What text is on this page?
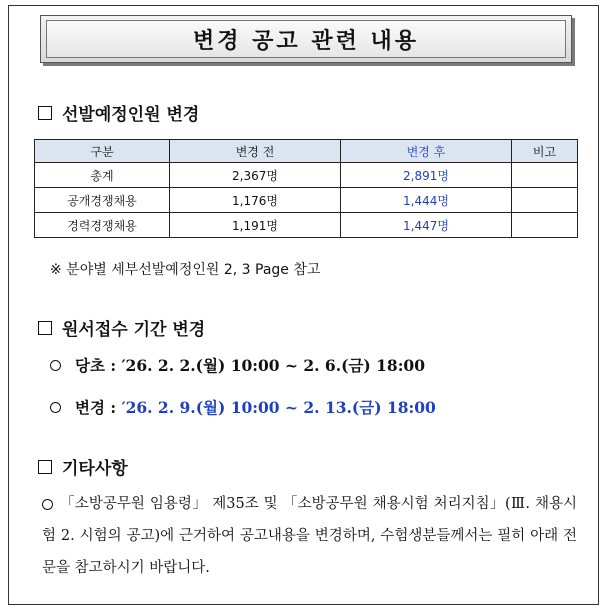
변경 공고 관련 내용
선발예정인원 변경
구분	변경 전	변경 후	비고
총계	2,367명	2,891명	
공개경쟁채용	1,176명	1,444명	
경력경쟁채용	1,191명	1,447명	
※ 분야별 세부선발예정인원 2, 3 Page 참고
원서접수 기간 변경
당초 : ′26. 2. 2.(월) 10:00 ~ 2. 6.(금) 18:00
변경 :
′26. 2. 9.(월) 10:00 ~ 2. 13.(금) 18:00
기타사항
「소방공무원 임용령」 제35조 및 「소방공무원 채용시험 처리지침」(Ⅲ. 채용시험 2. 시험의 공고)에 근거하여 공고내용을 변경하며, 수험생분들께서는 필히 아래 전문을 참고하시기 바랍니다.
